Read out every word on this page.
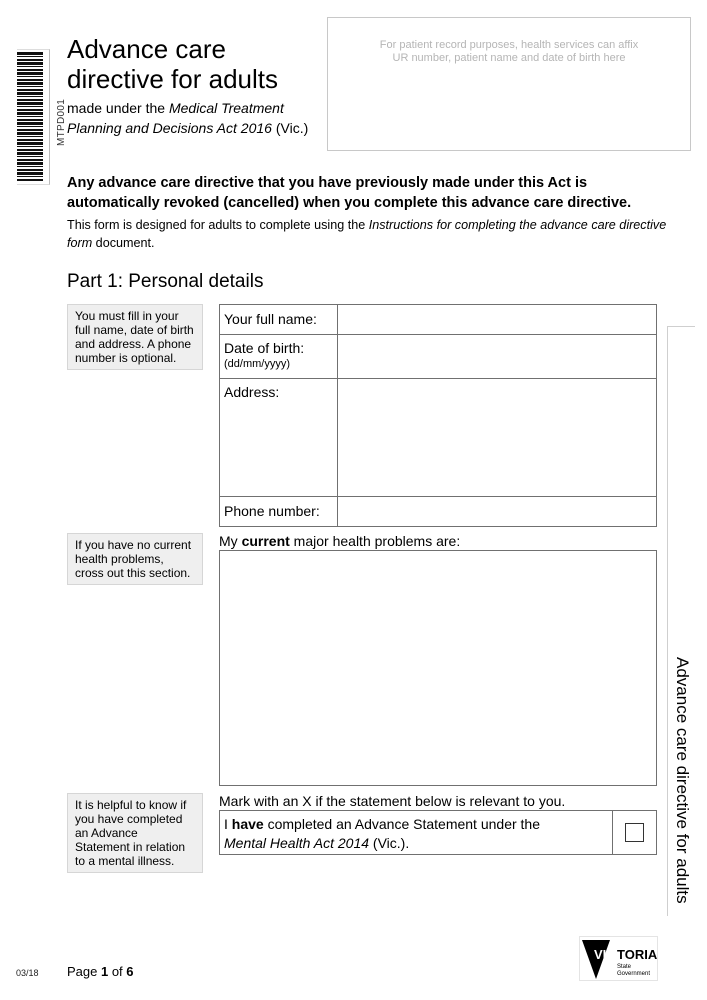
MTPD001
Advance care
directive for adults
made under the Medical Treatment Planning and Decisions Act 2016 (Vic.)
For patient record purposes, health services can affix
UR number, patient name and date of birth here
Any advance care directive that you have previously made under this Act is automatically revoked (cancelled) when you complete this advance care directive.
This form is designed for adults to complete using the Instructions for completing the advance care directive form document.
Part 1: Personal details
You must fill in your full name, date of birth and address. A phone number is optional.
If you have no current health problems, cross out this section.
It is helpful to know if you have completed an Advance Statement in relation to a mental illness.
Your full name:	

Date of birth:
(dd/mm/yyyy)

Address:	

Phone number:	
My current major health problems are:
Mark with an X if the statement below is relevant to you.
I have completed an Advance Statement under the
Mental Health Act 2014 (Vic.).	Advance care directive for adults
03/18 Page 1 of 6
VIC TORIA
State
Government
